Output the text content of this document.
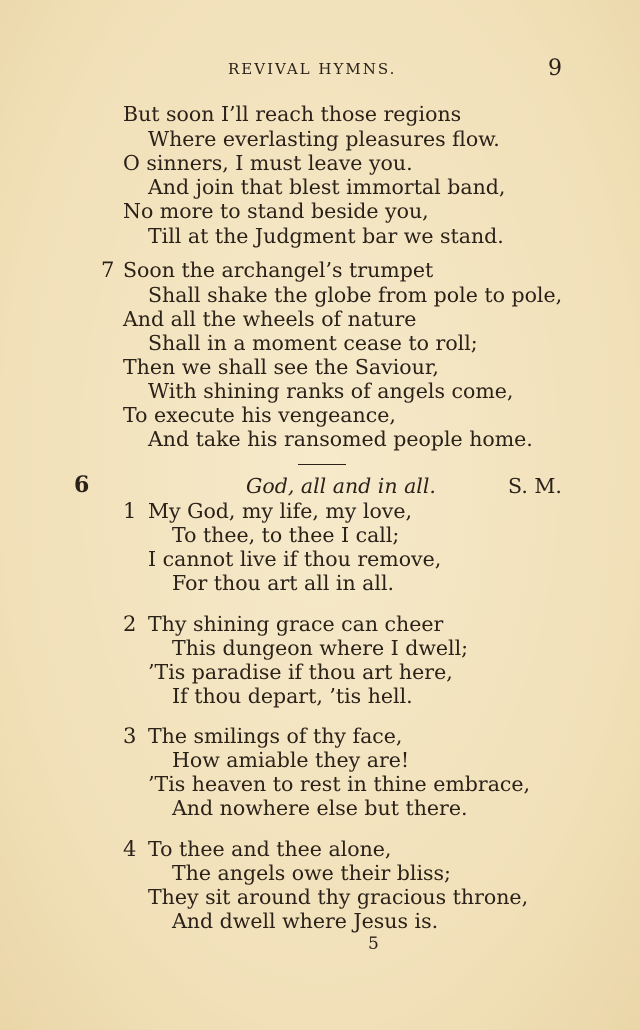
REVIVAL HYMNS.	9
But soon I’ll reach those regions
Where everlasting pleasures flow.
O sinners, I must leave you.
And join that blest immortal band,
No more to stand beside you,
Till at the Judgment bar we stand.
7 Soon the archangel’s trumpet
Shall shake the globe from pole to pole,
And all the wheels of nature
Shall in a moment cease to roll;
Then we shall see the Saviour,
With shining ranks of angels come,
To execute his vengeance,
And take his ransomed people home.
6	God, all and in all.	S. M.
1 My God, my life, my love,
To thee, to thee I call;
I cannot live if thou remove,
For thou art all in all.
2 Thy shining grace can cheer
This dungeon where I dwell;
’Tis paradise if thou art here,
If thou depart, ’tis hell.
3 The smilings of thy face,
How amiable they are!
’Tis heaven to rest in thine embrace,
And nowhere else but there.
4 To thee and thee alone,
The angels owe their bliss;
They sit around thy gracious throne,
And dwell where Jesus is.
5
